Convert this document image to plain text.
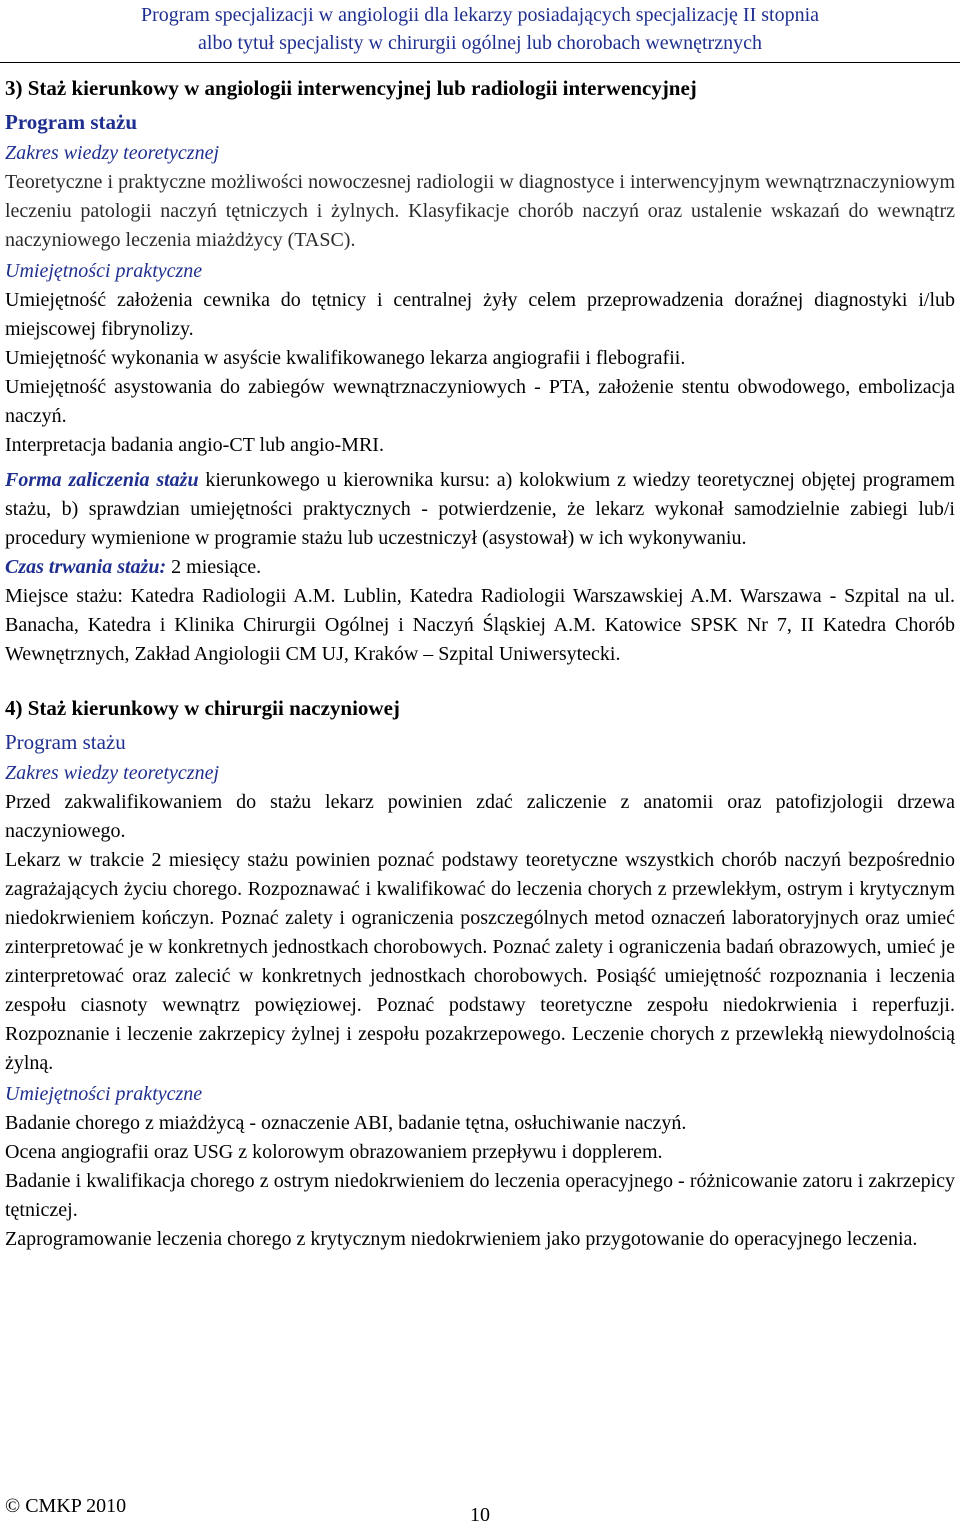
Program specjalizacji w angiologii dla lekarzy posiadających specjalizację II stopnia
albo tytuł specjalisty w chirurgii ogólnej lub chorobach wewnętrznych

3) Staż kierunkowy w angiologii interwencyjnej lub radiologii interwencyjnej

Program stażu

Zakres wiedzy teoretycznej

Teoretyczne i praktyczne możliwości nowoczesnej radiologii w diagnostyce i interwencyjnym wewnątrznaczyniowym leczeniu patologii naczyń tętniczych i żylnych. Klasyfikacje chorób naczyń oraz ustalenie wskazań do wewnątrz naczyniowego leczenia miażdżycy (TASC).

Umiejętności praktyczne

Umiejętność założenia cewnika do tętnicy i centralnej żyły celem przeprowadzenia doraźnej diagnostyki i/lub miejscowej fibrynolizy.

Umiejętność wykonania w asyście kwalifikowanego lekarza angiografii i flebografii.

Umiejętność asystowania do zabiegów wewnątrznaczyniowych - PTA, założenie stentu obwodowego, embolizacja naczyń.

Interpretacja badania angio-CT lub angio-MRI.

Forma zaliczenia stażu kierunkowego u kierownika kursu: a) kolokwium z wiedzy teoretycznej objętej programem stażu, b) sprawdzian umiejętności praktycznych - potwierdzenie, że lekarz wykonał samodzielnie zabiegi lub/i procedury wymienione w programie stażu lub uczestniczył (asystował) w ich wykonywaniu.

Czas trwania stażu: 2 miesiące.

Miejsce stażu: Katedra Radiologii A.M. Lublin, Katedra Radiologii Warszawskiej A.M. Warszawa - Szpital na ul. Banacha, Katedra i Klinika Chirurgii Ogólnej i Naczyń Śląskiej A.M. Katowice SPSK Nr 7, II Katedra Chorób Wewnętrznych, Zakład Angiologii CM UJ, Kraków – Szpital Uniwersytecki.

4) Staż kierunkowy w chirurgii naczyniowej

Program stażu

Zakres wiedzy teoretycznej

Przed zakwalifikowaniem do stażu lekarz powinien zdać zaliczenie z anatomii oraz patofizjologii drzewa naczyniowego.

Lekarz w trakcie 2 miesięcy stażu powinien poznać podstawy teoretyczne wszystkich chorób naczyń bezpośrednio zagrażających życiu chorego. Rozpoznawać i kwalifikować do leczenia chorych z przewlekłym, ostrym i krytycznym niedokrwieniem kończyn. Poznać zalety i ograniczenia poszczególnych metod oznaczeń laboratoryjnych oraz umieć zinterpretować je w konkretnych jednostkach chorobowych. Poznać zalety i ograniczenia badań obrazowych, umieć je zinterpretować oraz zalecić w konkretnych jednostkach chorobowych. Posiąść umiejętność rozpoznania i leczenia zespołu ciasnoty wewnątrz powięziowej. Poznać podstawy teoretyczne zespołu niedokrwienia i reperfuzji. Rozpoznanie i leczenie zakrzepicy żylnej i zespołu pozakrzepowego. Leczenie chorych z przewlekłą niewydolnością żylną.

Umiejętności praktyczne

Badanie chorego z miażdżycą - oznaczenie ABI, badanie tętna, osłuchiwanie naczyń.

Ocena angiografii oraz USG z kolorowym obrazowaniem przepływu i dopplerem.

Badanie i kwalifikacja chorego z ostrym niedokrwieniem do leczenia operacyjnego - różnicowanie zatoru i zakrzepicy tętniczej.

Zaprogramowanie leczenia chorego z krytycznym niedokrwieniem jako przygotowanie do operacyjnego leczenia.

© CMKP 2010	10
